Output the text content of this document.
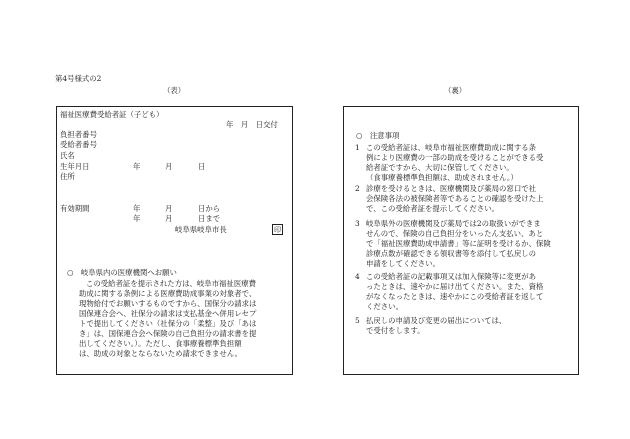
第4号様式の2
（表）	（裏）
福祉医療費受給者証（子ども）
年　月　日交付
負担者番号
受給者番号
氏名
生年月日	年	月	日
住所
有効期間	年	月	日から
年	月	日まで
岐阜県岐阜市長	印
○　岐阜県内の医療機関へお願い
この受給者証を提示された方は、岐阜市福祉医療費
助成に関する条例による医療費助成事業の対象者で、
現物給付でお願いするものですから、国保分の請求は
国保連合会へ、社保分の請求は支払基金へ併用レセプ
トで提出してください（社保分の「柔整」及び「あは
き」は、国保連合会へ保険の自己負担分の請求書を提
出してください。）。ただし、食事療養標準負担額
は、助成の対象とならないため請求できません。
○　注意事項
1 この受給者証は、岐阜市福祉医療費助成に関する条
例により医療費の一部の助成を受けることができる受
給者証ですから、大切に保管してください。
（食事療養標準負担額は、助成されません。）
2 診療を受けるときは、医療機関及び薬局の窓口で社
会保険各法の被保険者等であることの確認を受けた上
で、この受給者証を提示してください。
3 岐阜県外の医療機関及び薬局では2の取扱いができま
せんので、保険の自己負担分をいったん支払い、あと
で「福祉医療費助成申請書」等に証明を受けるか、保険
診療点数が確認できる領収書等を添付して払戻しの
申請をしてください。
4 この受給者証の記載事項又は加入保険等に変更があ
ったときは、速やかに届け出てください。また、資格
がなくなったときは、速やかにこの受給者証を返して
ください。
5 払戻しの申請及び変更の届出については、
で受付をします。
